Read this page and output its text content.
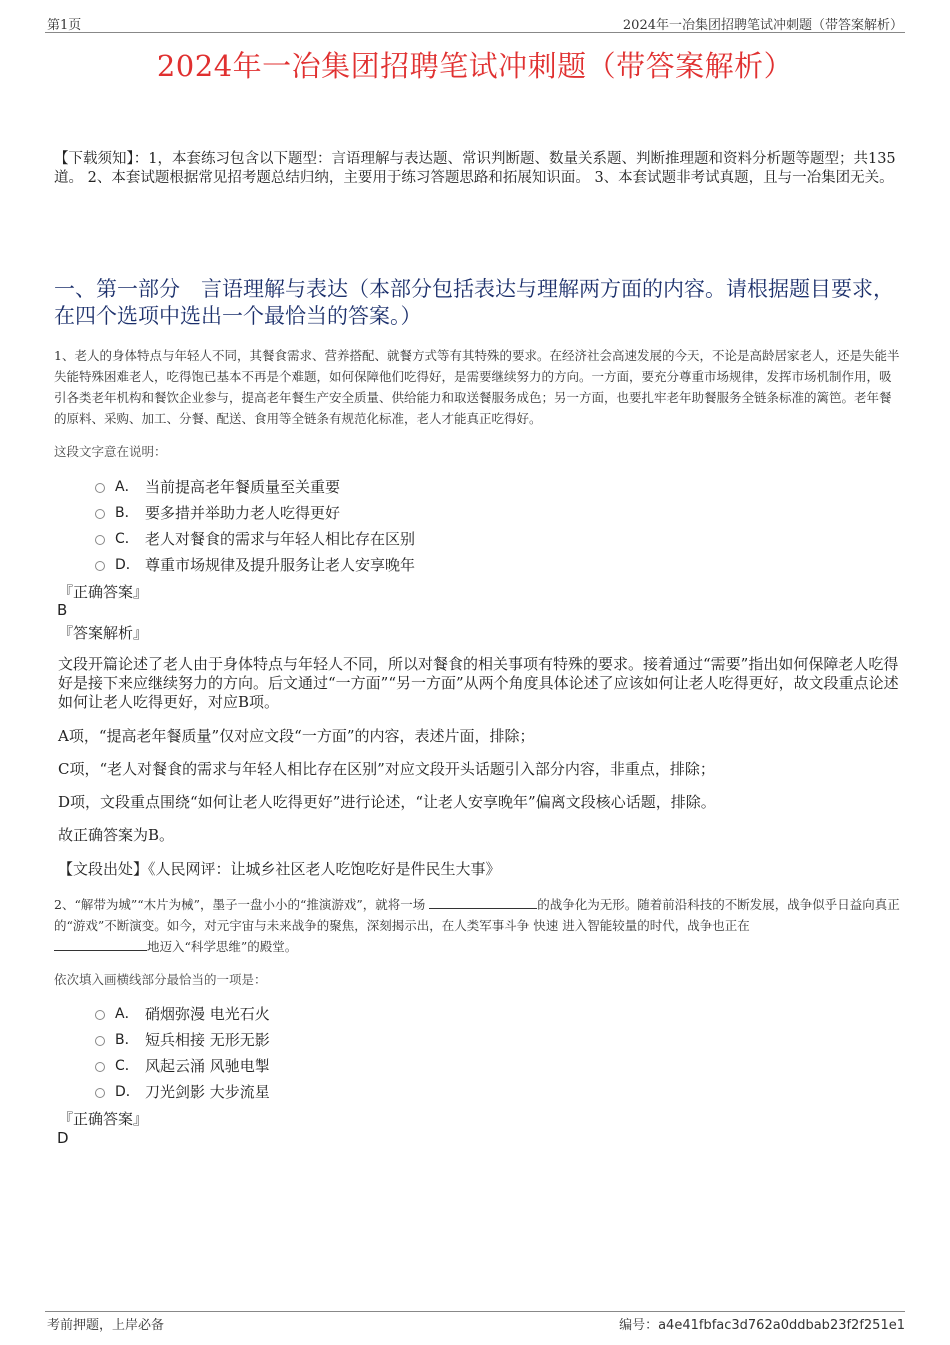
第1页	2024年一冶集团招聘笔试冲刺题（带答案解析）
2024年一冶集团招聘笔试冲刺题（带答案解析）
【下载须知】：1，本套练习包含以下题型：言语理解与表达题、常识判断题、数量关系题、判断推理题和资料分析题等题型；共135道。 2、本套试题根据常见招考题总结归纳，主要用于练习答题思路和拓展知识面。 3、本套试题非考试真题，且与一冶集团无关。
一、第一部分　言语理解与表达（本部分包括表达与理解两方面的内容。请根据题目要求，在四个选项中选出一个最恰当的答案。）
1、老人的身体特点与年轻人不同，其餐食需求、营养搭配、就餐方式等有其特殊的要求。在经济社会高速发展的今天，不论是高龄居家老人，还是失能半失能特殊困难老人，吃得饱已基本不再是个难题，如何保障他们吃得好，是需要继续努力的方向。一方面，要充分尊重市场规律，发挥市场机制作用，吸引各类老年机构和餐饮企业参与，提高老年餐生产安全质量、供给能力和取送餐服务成色；另一方面，也要扎牢老年助餐服务全链条标准的篱笆。老年餐的原料、采购、加工、分餐、配送、食用等全链条有规范化标准，老人才能真正吃得好。
这段文字意在说明：
A． 当前提高老年餐质量至关重要
B． 要多措并举助力老人吃得更好
C． 老人对餐食的需求与年轻人相比存在区别
D． 尊重市场规律及提升服务让老人安享晚年
『正确答案』
B
『答案解析』
文段开篇论述了老人由于身体特点与年轻人不同，所以对餐食的相关事项有特殊的要求。接着通过“需要”指出如何保障老人吃得好是接下来应继续努力的方向。后文通过“一方面”“另一方面”从两个角度具体论述了应该如何让老人吃得更好，故文段重点论述如何让老人吃得更好，对应B项。
A项，“提高老年餐质量”仅对应文段“一方面”的内容，表述片面，排除；
C项，“老人对餐食的需求与年轻人相比存在区别”对应文段开头话题引入部分内容，非重点，排除；
D项，文段重点围绕“如何让老人吃得更好”进行论述，“让老人安享晚年”偏离文段核心话题，排除。
故正确答案为B。
【文段出处】《人民网评：让城乡社区老人吃饱吃好是件民生大事》
2、“解带为城”“木片为械”，墨子一盘小小的“推演游戏”，就将一场	的战争化为无形。随着前沿科技的不断发展，战争似乎日益向真正的“游戏”不断演变。如今，对元宇宙与未来战争的聚焦，深刻揭示出，在人类军事斗争 快速 进入智能较量的时代，战争也正在
地迈入“科学思维”的殿堂。
依次填入画横线部分最恰当的一项是：
A． 硝烟弥漫 电光石火
B． 短兵相接 无形无影
C． 风起云涌 风驰电掣
D． 刀光剑影 大步流星
『正确答案』
D
考前押题，上岸必备	编号：a4e41fbfac3d762a0ddbab23f2f251e1
